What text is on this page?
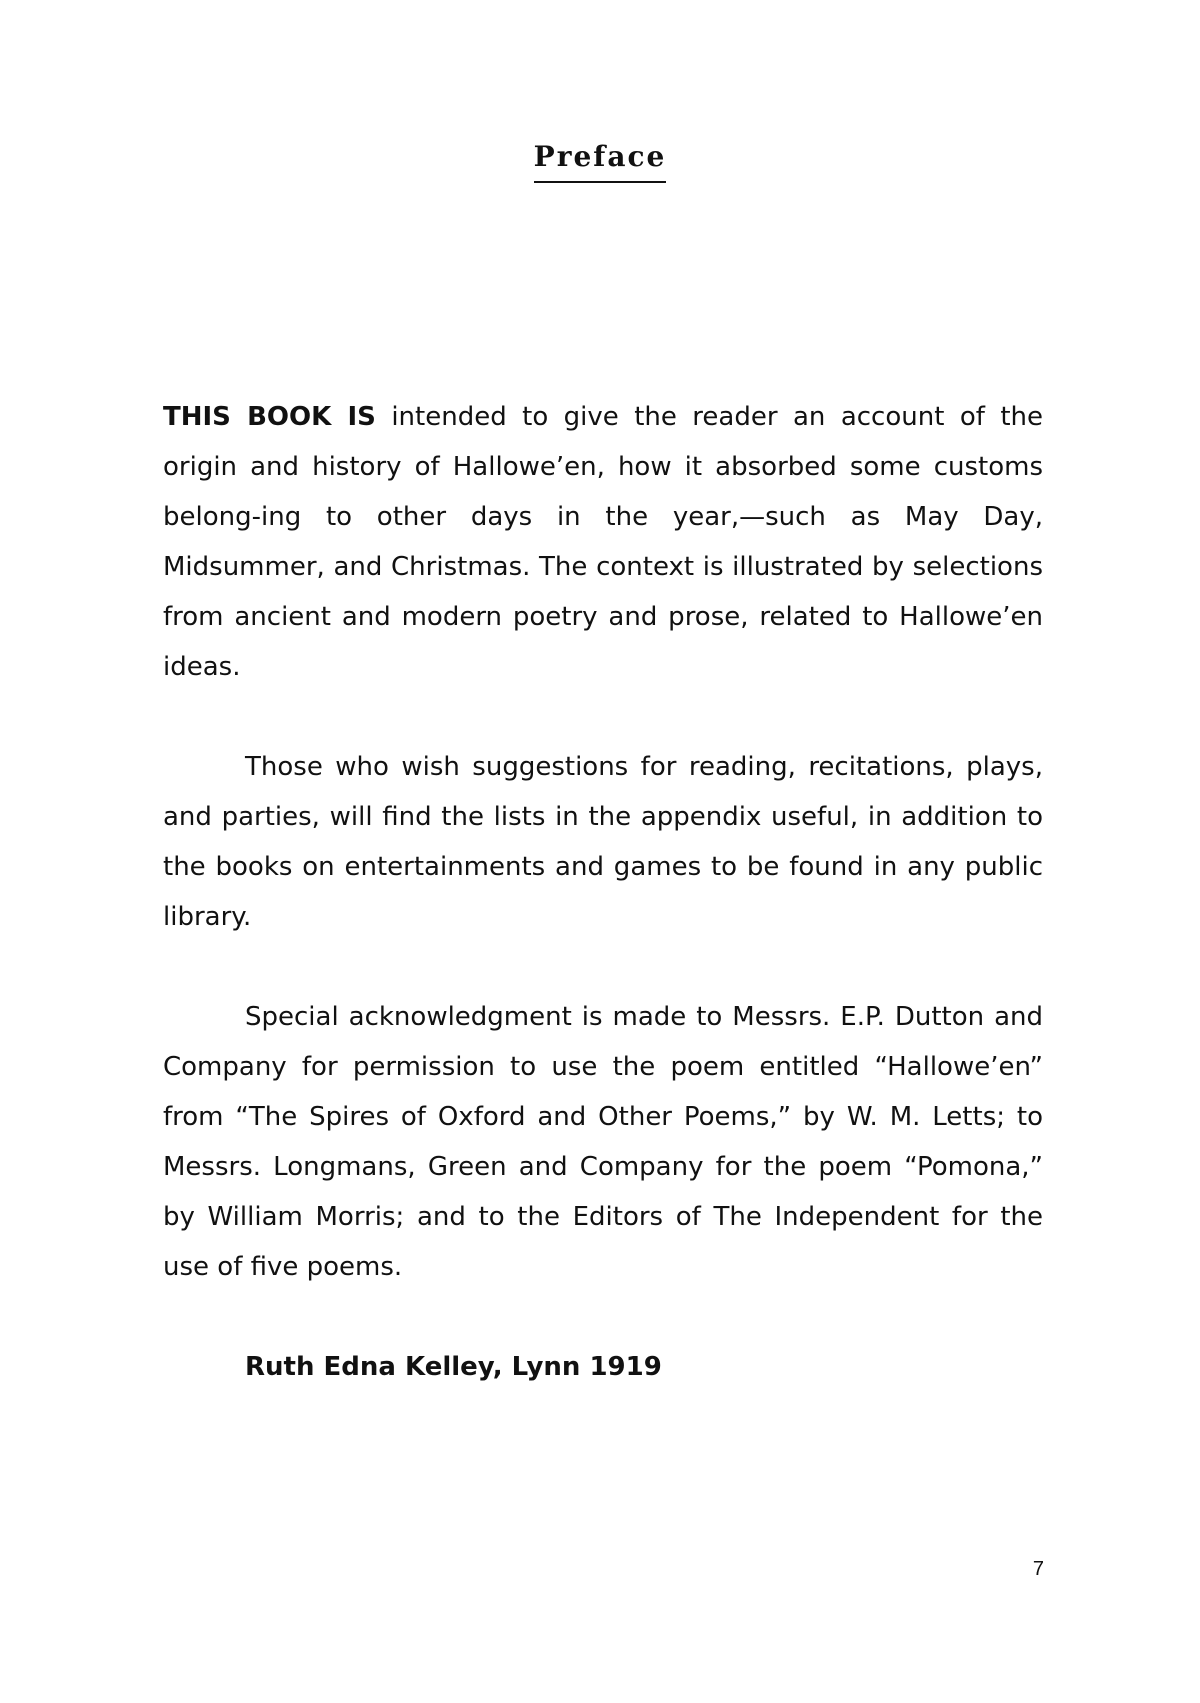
Preface

THIS BOOK IS intended to give the reader an account of the origin and history of Hallowe’en, how it absorbed some customs belong-ing to other days in the year,—such as May Day, Midsummer, and Christmas. The context is illustrated by selections from ancient and modern poetry and prose, related to Hallowe’en ideas.

Those who wish suggestions for reading, recitations, plays, and parties, will find the lists in the appendix useful, in addition to the books on entertainments and games to be found in any public library.

Special acknowledgment is made to Messrs. E.P. Dutton and Company for permission to use the poem entitled “Hallowe’en” from “The Spires of Oxford and Other Poems,” by W. M. Letts; to Messrs. Longmans, Green and Company for the poem “Pomona,” by William Morris; and to the Editors of The Independent for the use of five poems.

Ruth Edna Kelley, Lynn 1919

7
